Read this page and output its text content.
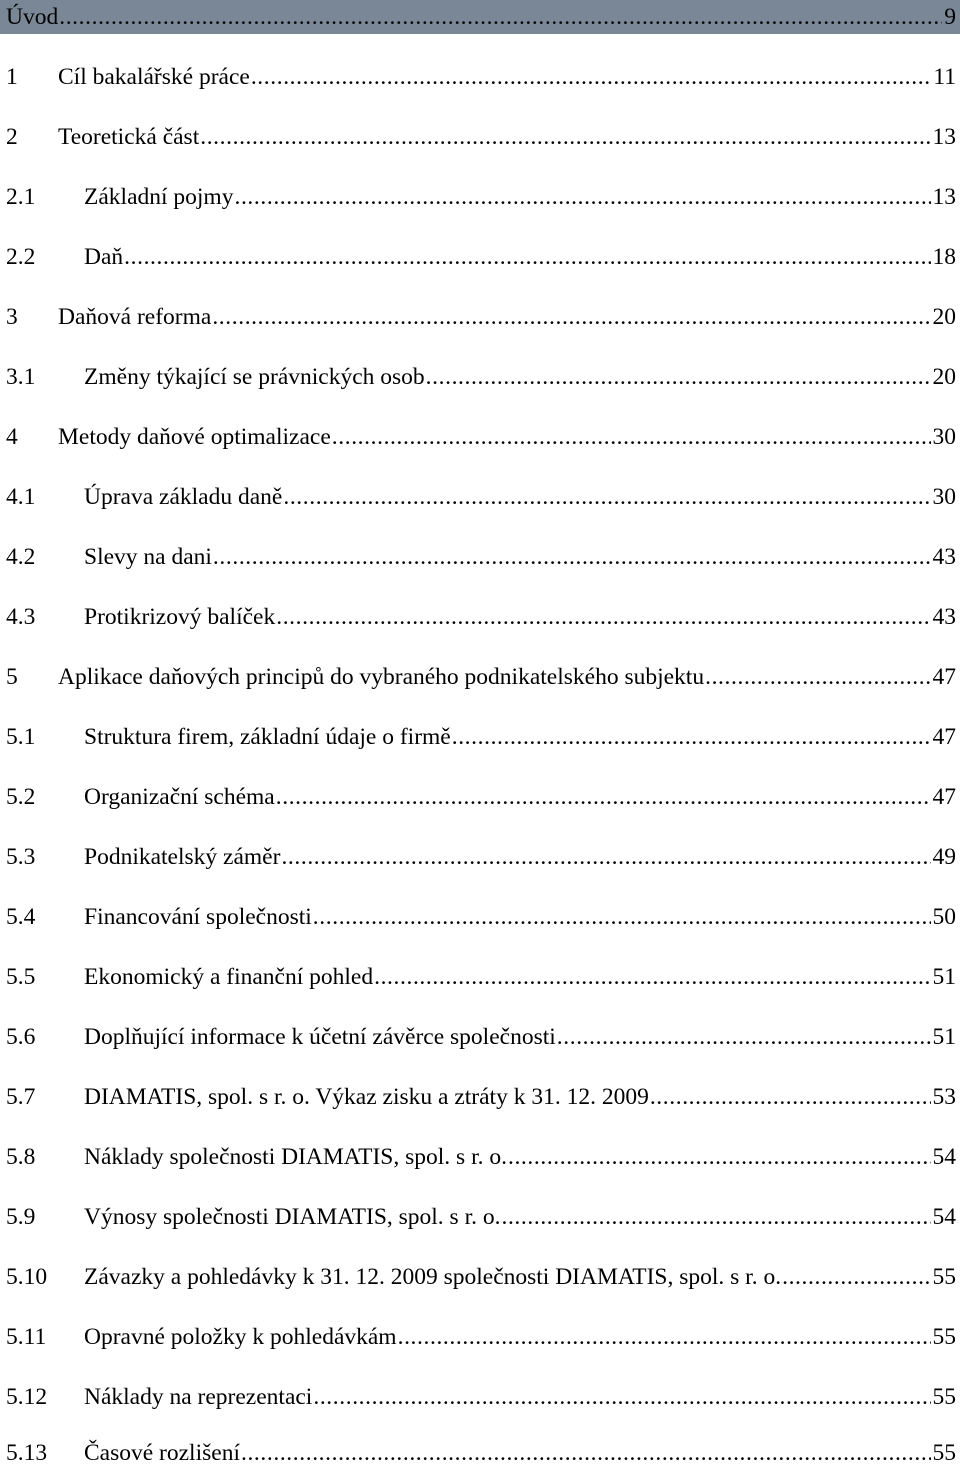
Úvod .....	9
1 Cíl bakalářské práce .....	11
2 Teoretická část .....	13
2.1 Základní pojmy .....	13
2.2 Daň .....	18
3 Daňová reforma .....	20
3.1 Změny týkající se právnických osob .....	20
4 Metody daňové optimalizace .....	30
4.1 Úprava základu daně .....	30
4.2 Slevy na dani .....	43
4.3 Protikrizový balíček .....	43
5 Aplikace daňových principů do vybraného podnikatelského subjektu .....	47
5.1 Struktura firem, základní údaje o firmě .....	47
5.2 Organizační schéma .....	47
5.3 Podnikatelský záměr .....	49
5.4 Financování společnosti .....	50
5.5 Ekonomický a finanční pohled .....	51
5.6 Doplňující informace k účetní závěrce společnosti .....	51
5.7 DIAMATIS, spol. s r. o. Výkaz zisku a ztráty k 31. 12. 2009 .....	53
5.8 Náklady společnosti DIAMATIS, spol. s r. o. .....	54
5.9 Výnosy společnosti DIAMATIS, spol. s r. o. .....	54
5.10 Závazky a pohledávky k 31. 12. 2009 společnosti DIAMATIS, spol. s r. o. .....	55
5.11 Opravné položky k pohledávkám .....	55
5.12 Náklady na reprezentaci .....	55
5.13 Časové rozlišení .....	55
